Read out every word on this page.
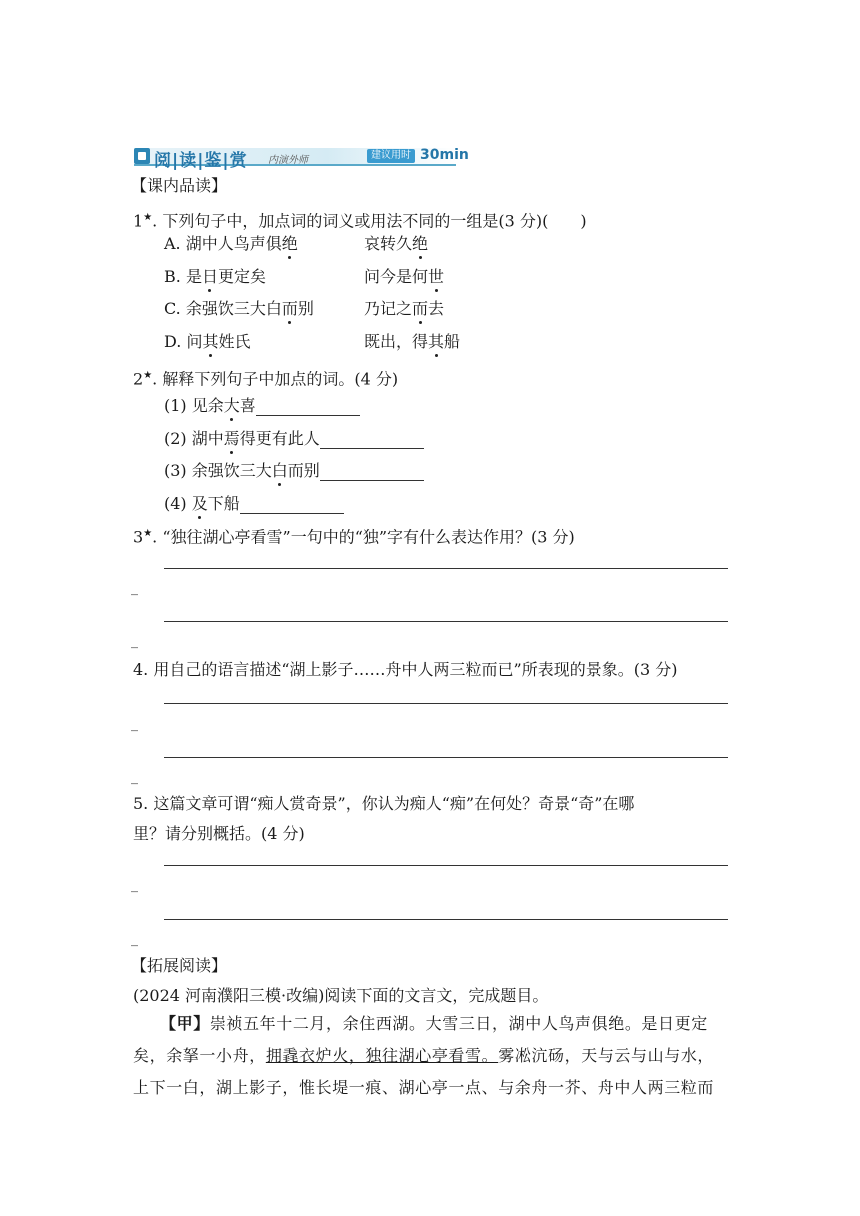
阅|读|鉴|赏 内演外师	建议用时 30min
【课内品读】
1★. 下列句子中，加点词的词义或用法不同的一组是(3 分)(　　)
A. 湖中人鸟声俱绝	哀转久绝
B. 是日更定矣	问今是何世
C. 余强饮三大白而别	乃记之而去
D. 问其姓氏	既出，得其船
2★. 解释下列句子中加点的词。(4 分)
(1) 见余大喜
(2) 湖中焉得更有此人
(3) 余强饮三大白而别
(4) 及下船
3★. “独往湖心亭看雪”一句中的“独”字有什么表达作用？(3 分)
_
_
4. 用自己的语言描述“湖上影子……舟中人两三粒而已”所表现的景象。(3 分)
_
_
5. 这篇文章可谓“痴人赏奇景”，你认为痴人“痴”在何处？奇景“奇”在哪
里？请分别概括。(4 分)
_
_
【拓展阅读】
(2024 河南濮阳三模·改编)阅读下面的文言文，完成题目。
【甲】崇祯五年十二月，余住西湖。大雪三日，湖中人鸟声俱绝。是日更定
矣，余拏一小舟，拥毳衣炉火，独往湖心亭看雪。雾凇沆砀，天与云与山与水，
上下一白，湖上影子，惟长堤一痕、湖心亭一点、与余舟一芥、舟中人两三粒而
